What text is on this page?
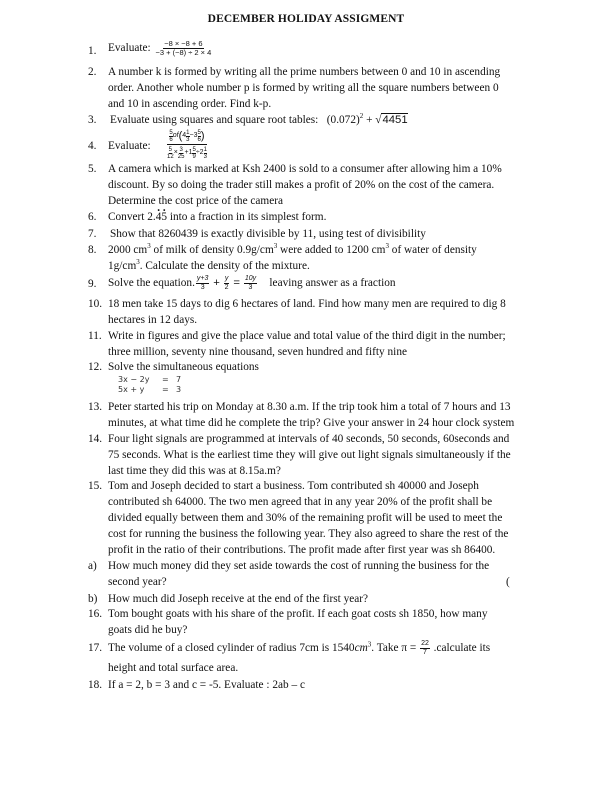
DECEMBER HOLIDAY ASSIGMENT
1. Evaluate: $\frac{-8 \times -8 + 6}{-3 + (-8) \div 2 \times 4}$
2. A number k is formed by writing all the prime numbers between 0 and 10 in ascending
order. Another whole number p is formed by writing all the square numbers between 0
and 10 in ascending order. Find k-p.
3. Evaluate using squares and square root tables: $(0.072)^2 + √4451$
4. Evaluate:
$\frac{5}{6}$ of ( $4 \frac{1}{3} - 3 \frac{5}{6}$ )
$\frac{5}{12} \times \frac{3}{25} + 1 \frac{5}{9} \div 2 \frac{1}{3}$
5. A camera which is marked at Ksh 2400 is sold to a consumer after allowing him a 10%
discount. By so doing the trader still makes a profit of 20% on the cost of the camera.
Determine the cost price of the camera
6. Convert 2.· 4· 5 into a fraction in its simplest form.
7. Show that 8260439 is exactly divisible by 11, using test of divisibility
8. 2000 $cm^3$ of milk of density $0.9g/cm^3$ were added to 1200 $cm^3$ of water of density
$1g/cm^3$. Calculate the density of the mixture.
9. Solve the equation. $\frac{y+3}{3} + \frac{y}{2} = \frac{10y}{3}$ leaving answer as a fraction
10. 18 men take 15 days to dig 6 hectares of land. Find how many men are required to dig 8
hectares in 12 days.
11. Write in figures and give the place value and total value of the third digit in the number;
three million, seventy nine thousand, seven hundred and fifty nine
12. Solve the simultaneous equations
3x − 2y	= 7
5x + y	= 3
13. Peter started his trip on Monday at 8.30 a.m. If the trip took him a total of 7 hours and 13
minutes, at what time did he complete the trip? Give your answer in 24 hour clock system
14. Four light signals are programmed at intervals of 40 seconds, 50 seconds, 60seconds and
75 seconds. What is the earliest time they will give out light signals simultaneously if the
last time they did this was at 8.15a.m?
15. Tom and Joseph decided to start a business. Tom contributed sh 40000 and Joseph
contributed sh 64000. The two men agreed that in any year 20% of the profit shall be
divided equally between them and 30% of the remaining profit will be used to meet the
cost for running the business the following year. They also agreed to share the rest of the
profit in the ratio of their contributions. The profit made after first year was sh 86400.
a) How much money did they set aside towards the cost of running the business for the
second year?	(
b) How much did Joseph receive at the end of the first year?
16. Tom bought goats with his share of the profit. If each goat costs sh 1850, how many
goats did he buy?
17. The volume of a closed cylinder of radius 7cm is $1540cm^3$. Take $\pi = \frac{22}{7}$ .calculate its
height and total surface area.
18. If a = 2, b = 3 and c = -5. Evaluate : 2ab – c
